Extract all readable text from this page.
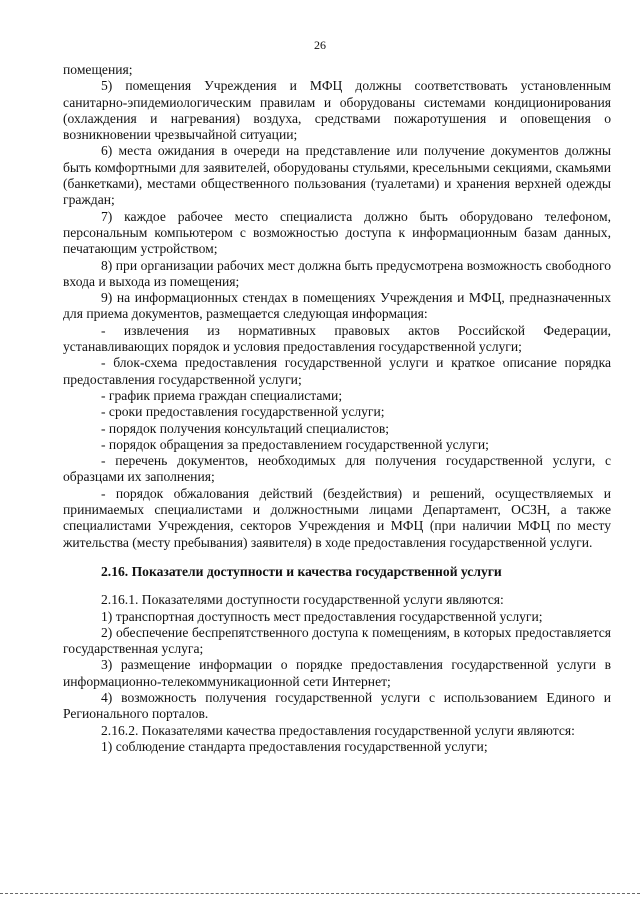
26

помещения;

5) помещения Учреждения и МФЦ должны соответствовать установленным санитарно-эпидемиологическим правилам и оборудованы системами кондиционирования (охлаждения и нагревания) воздуха, средствами пожаротушения и оповещения о возникновении чрезвычайной ситуации;

6) места ожидания в очереди на представление или получение документов должны быть комфортными для заявителей, оборудованы стульями, кресельными секциями, скамьями (банкетками), местами общественного пользования (туалетами) и хранения верхней одежды граждан;

7) каждое рабочее место специалиста должно быть оборудовано телефоном, персональным компьютером с возможностью доступа к информационным базам данных, печатающим устройством;

8) при организации рабочих мест должна быть предусмотрена возможность свободного входа и выхода из помещения;

9) на информационных стендах в помещениях Учреждения и МФЦ, предназначенных для приема документов, размещается следующая информация:

- извлечения из нормативных правовых актов Российской Федерации, устанавливающих порядок и условия предоставления государственной услуги;

- блок-схема предоставления государственной услуги и краткое описание порядка предоставления государственной услуги;

- график приема граждан специалистами;

- сроки предоставления государственной услуги;

- порядок получения консультаций специалистов;

- порядок обращения за предоставлением государственной услуги;

- перечень документов, необходимых для получения государственной услуги, с образцами их заполнения;

- порядок обжалования действий (бездействия) и решений, осуществляемых и принимаемых специалистами и должностными лицами Департамент, ОСЗН, а также специалистами Учреждения, секторов Учреждения и МФЦ (при наличии МФЦ по месту жительства (месту пребывания) заявителя) в ходе предоставления государственной услуги.

2.16. Показатели доступности и качества государственной услуги

2.16.1. Показателями доступности государственной услуги являются:

1) транспортная доступность мест предоставления государственной услуги;

2) обеспечение беспрепятственного доступа к помещениям, в которых предоставляется государственная услуга;

3) размещение информации о порядке предоставления государственной услуги в информационно-телекоммуникационной сети Интернет;

4) возможность получения государственной услуги с использованием Единого и Регионального порталов.

2.16.2. Показателями качества предоставления государственной услуги являются:

1) соблюдение стандарта предоставления государственной услуги;
